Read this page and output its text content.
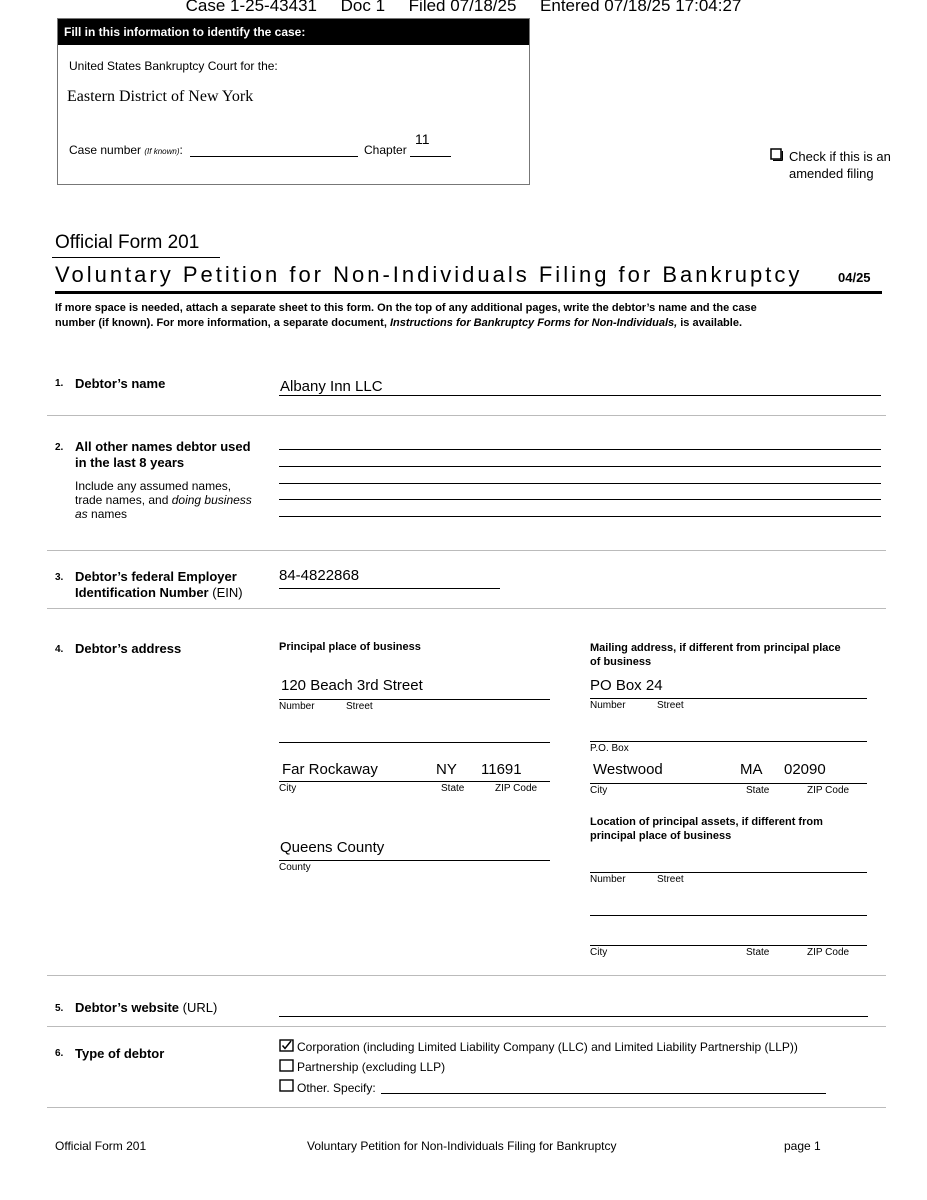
Case 1-25-43431 Doc 1 Filed 07/18/25 Entered 07/18/25 17:04:27
Fill in this information to identify the case:
United States Bankruptcy Court for the:
Eastern District of New York
Case number (If known):	Chapter
11
Check if this is an
amended filing
Official Form 201
Voluntary Petition for Non-Individuals Filing for Bankruptcy	04/25
If more space is needed, attach a separate sheet to this form. On the top of any additional pages, write the debtor’s name and the case
number (if known). For more information, a separate document, Instructions for Bankruptcy Forms for Non-Individuals, is available.
1. Debtor’s name	Albany Inn LLC
2. All other names debtor used
in the last 8 years
Include any assumed names,
trade names, and doing business
as names
3. Debtor’s federal Employer
Identification Number (EIN)
84-4822868
4. Debtor’s address	Principal place of business
120 Beach 3rd Street
Number	Street
Far Rockaway	NY 11691
City	State	ZIP Code
Queens County
County
Mailing address, if different from principal place
of business
PO Box 24
Number	Street
P.O. Box
Westwood	MA 02090
City	State	ZIP Code
Location of principal assets, if different from
principal place of business
Number	Street
City	State	ZIP Code
5. Debtor’s website (URL)
6. Type of debtor	Corporation (including Limited Liability Company (LLC) and Limited Liability Partnership (LLP))
Partnership (excluding LLP)
Other. Specify:
Official Form 201	Voluntary Petition for Non-Individuals Filing for Bankruptcy	page 1
